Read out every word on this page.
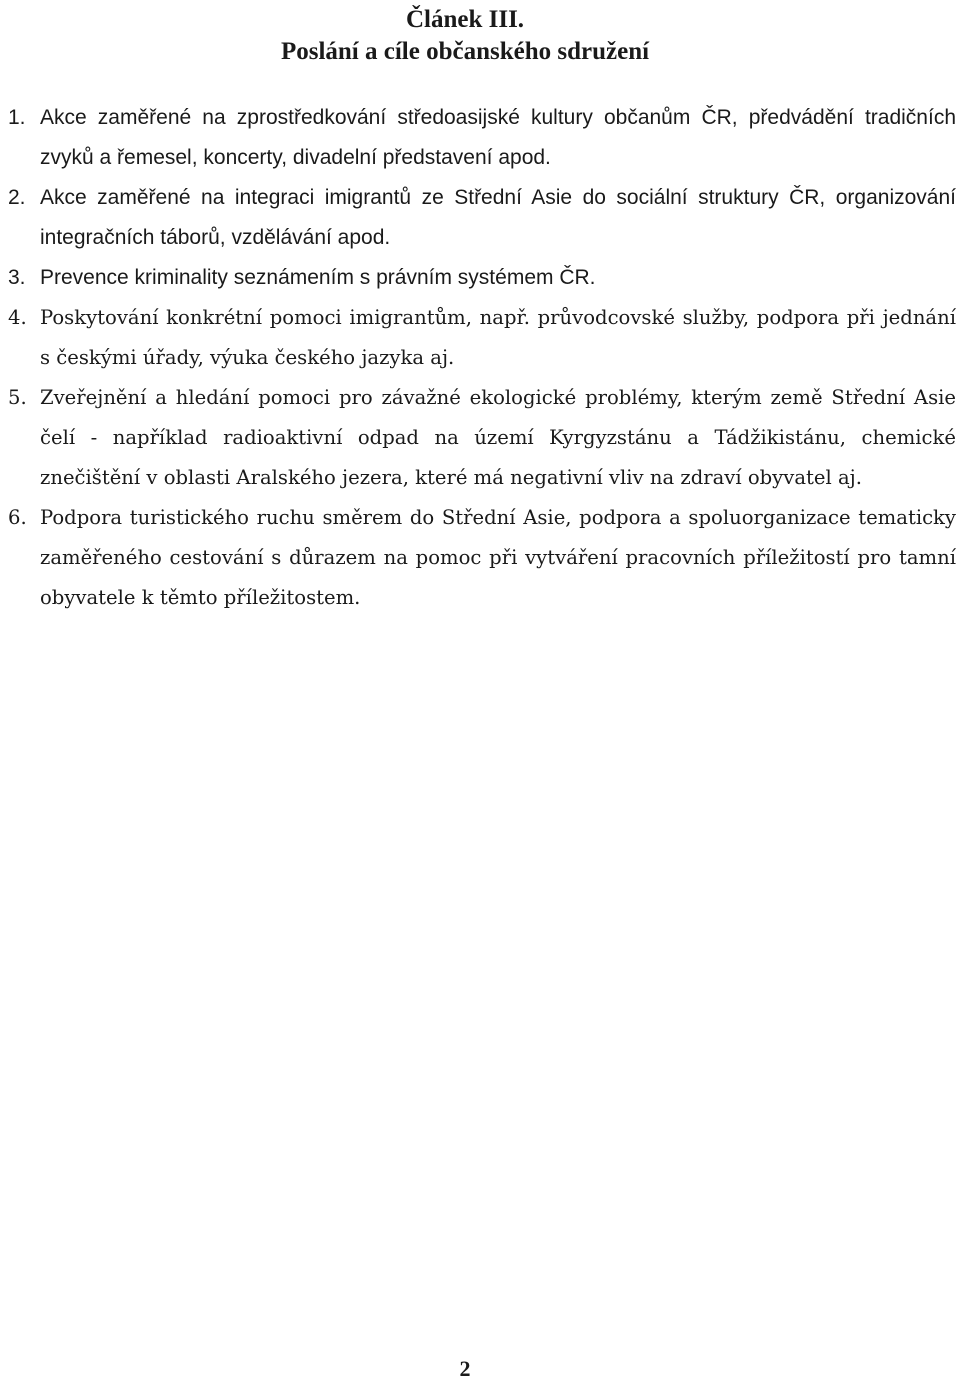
Článek III.
Poslání a cíle občanského sdružení
1. Akce zaměřené na zprostředkování středoasijské kultury občanům ČR, předvádění tradičních zvyků a řemesel, koncerty, divadelní představení apod.
2. Akce zaměřené na integraci imigrantů ze Střední Asie do sociální struktury ČR, organizování integračních táborů, vzdělávání apod.
3. Prevence kriminality seznámením s právním systémem ČR.
4. Poskytování konkrétní pomoci imigrantům, např. průvodcovské služby, podpora při jednání s českými úřady, výuka českého jazyka aj.
5. Zveřejnění a hledání pomoci pro závažné ekologické problémy, kterým země Střední Asie čelí - například radioaktivní odpad na území Kyrgyzstánu a Tádžikistánu, chemické znečištění v oblasti Aralského jezera, které má negativní vliv na zdraví obyvatel aj.
6. Podpora turistického ruchu směrem do Střední Asie, podpora a spoluorganizace tematicky zaměřeného cestování s důrazem na pomoc při vytváření pracovních příležitostí pro tamní obyvatele k těmto příležitostem.
2
